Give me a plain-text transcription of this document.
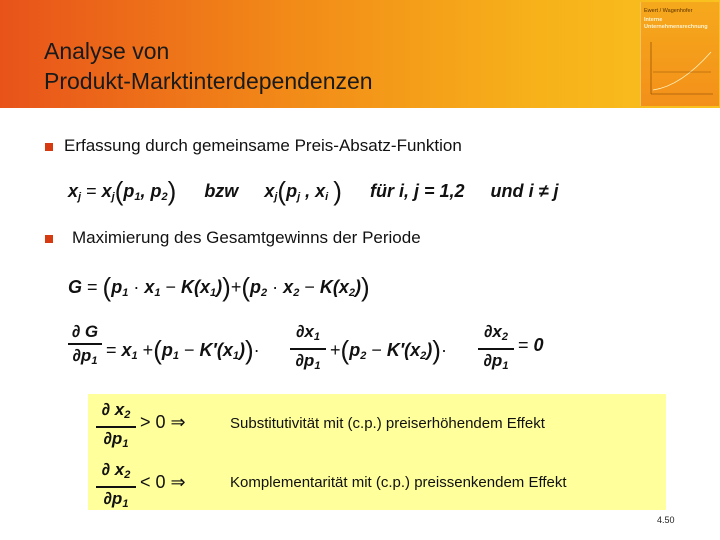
Analyse von
Produkt-Marktinterdependenzen
Ewert / Wagenhofer
Interne
Unternehmensrechnung
Erfassung durch gemeinsame Preis-Absatz-Funktion
$x_j = x_j(p_1$, $p_2$) bzw $x_j(p_j$ , $x_i$ ) für i, j = 1,2 und i ≠ j
Maximierung des Gesamtgewinns der Periode
$G = (p_1 \cdot x_1 - K(x_1))+(p_2 \cdot x_2 - K(x_2))$
∂ G
$\partial p_1$
= $x_1 +(p_1 - K'(x_1))\cdot$
$\partial x_1$
$\partial p_1$
$+(p_2 - K'(x_2))\cdot$
$\partial x_2$
$\partial p_1$
= 0
∂ $x_2$
$\partial p_1$
> 0 ⇒	Substitutivität mit (c.p.) preiserhöhendem Effekt
∂ $x_2$
$\partial p_1$
< 0 ⇒	Komplementarität mit (c.p.) preissenkendem Effekt
4.50
